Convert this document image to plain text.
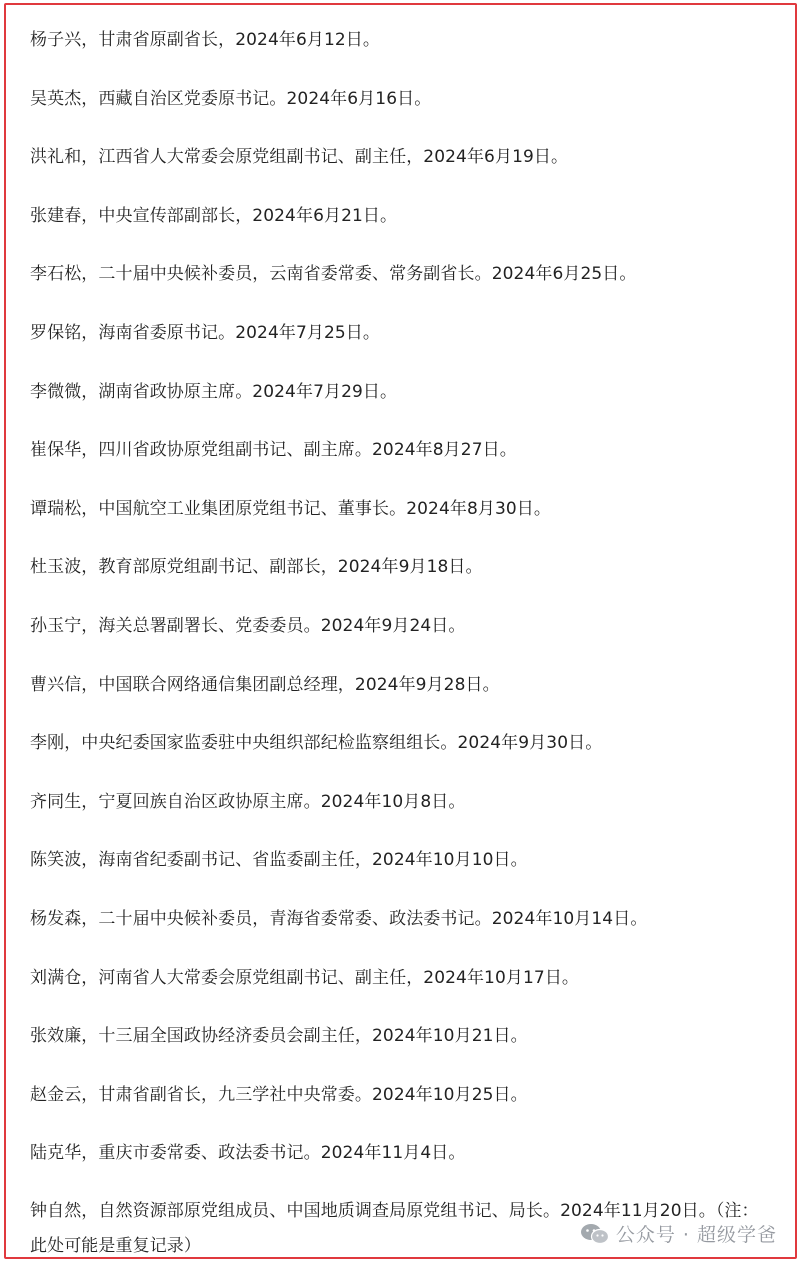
杨子兴，甘肃省原副省长，2024年6月12日。
吴英杰，西藏自治区党委原书记。2024年6月16日。
洪礼和，江西省人大常委会原党组副书记、副主任，2024年6月19日。
张建春，中央宣传部副部长，2024年6月21日。
李石松，二十届中央候补委员，云南省委常委、常务副省长。2024年6月25日。
罗保铭，海南省委原书记。2024年7月25日。
李微微，湖南省政协原主席。2024年7月29日。
崔保华，四川省政协原党组副书记、副主席。2024年8月27日。
谭瑞松，中国航空工业集团原党组书记、董事长。2024年8月30日。
杜玉波，教育部原党组副书记、副部长，2024年9月18日。
孙玉宁，海关总署副署长、党委委员。2024年9月24日。
曹兴信，中国联合网络通信集团副总经理，2024年9月28日。
李刚，中央纪委国家监委驻中央组织部纪检监察组组长。2024年9月30日。
齐同生，宁夏回族自治区政协原主席。2024年10月8日。
陈笑波，海南省纪委副书记、省监委副主任，2024年10月10日。
杨发森，二十届中央候补委员，青海省委常委、政法委书记。2024年10月14日。
刘满仓，河南省人大常委会原党组副书记、副主任，2024年10月17日。
张效廉，十三届全国政协经济委员会副主任，2024年10月21日。
赵金云，甘肃省副省长，九三学社中央常委。2024年10月25日。
陆克华，重庆市委常委、政法委书记。2024年11月4日。
钟自然，自然资源部原党组成员、中国地质调查局原党组书记、局长。2024年11月20日。（注：此处可能是重复记录）	公众号 · 超级学爸
